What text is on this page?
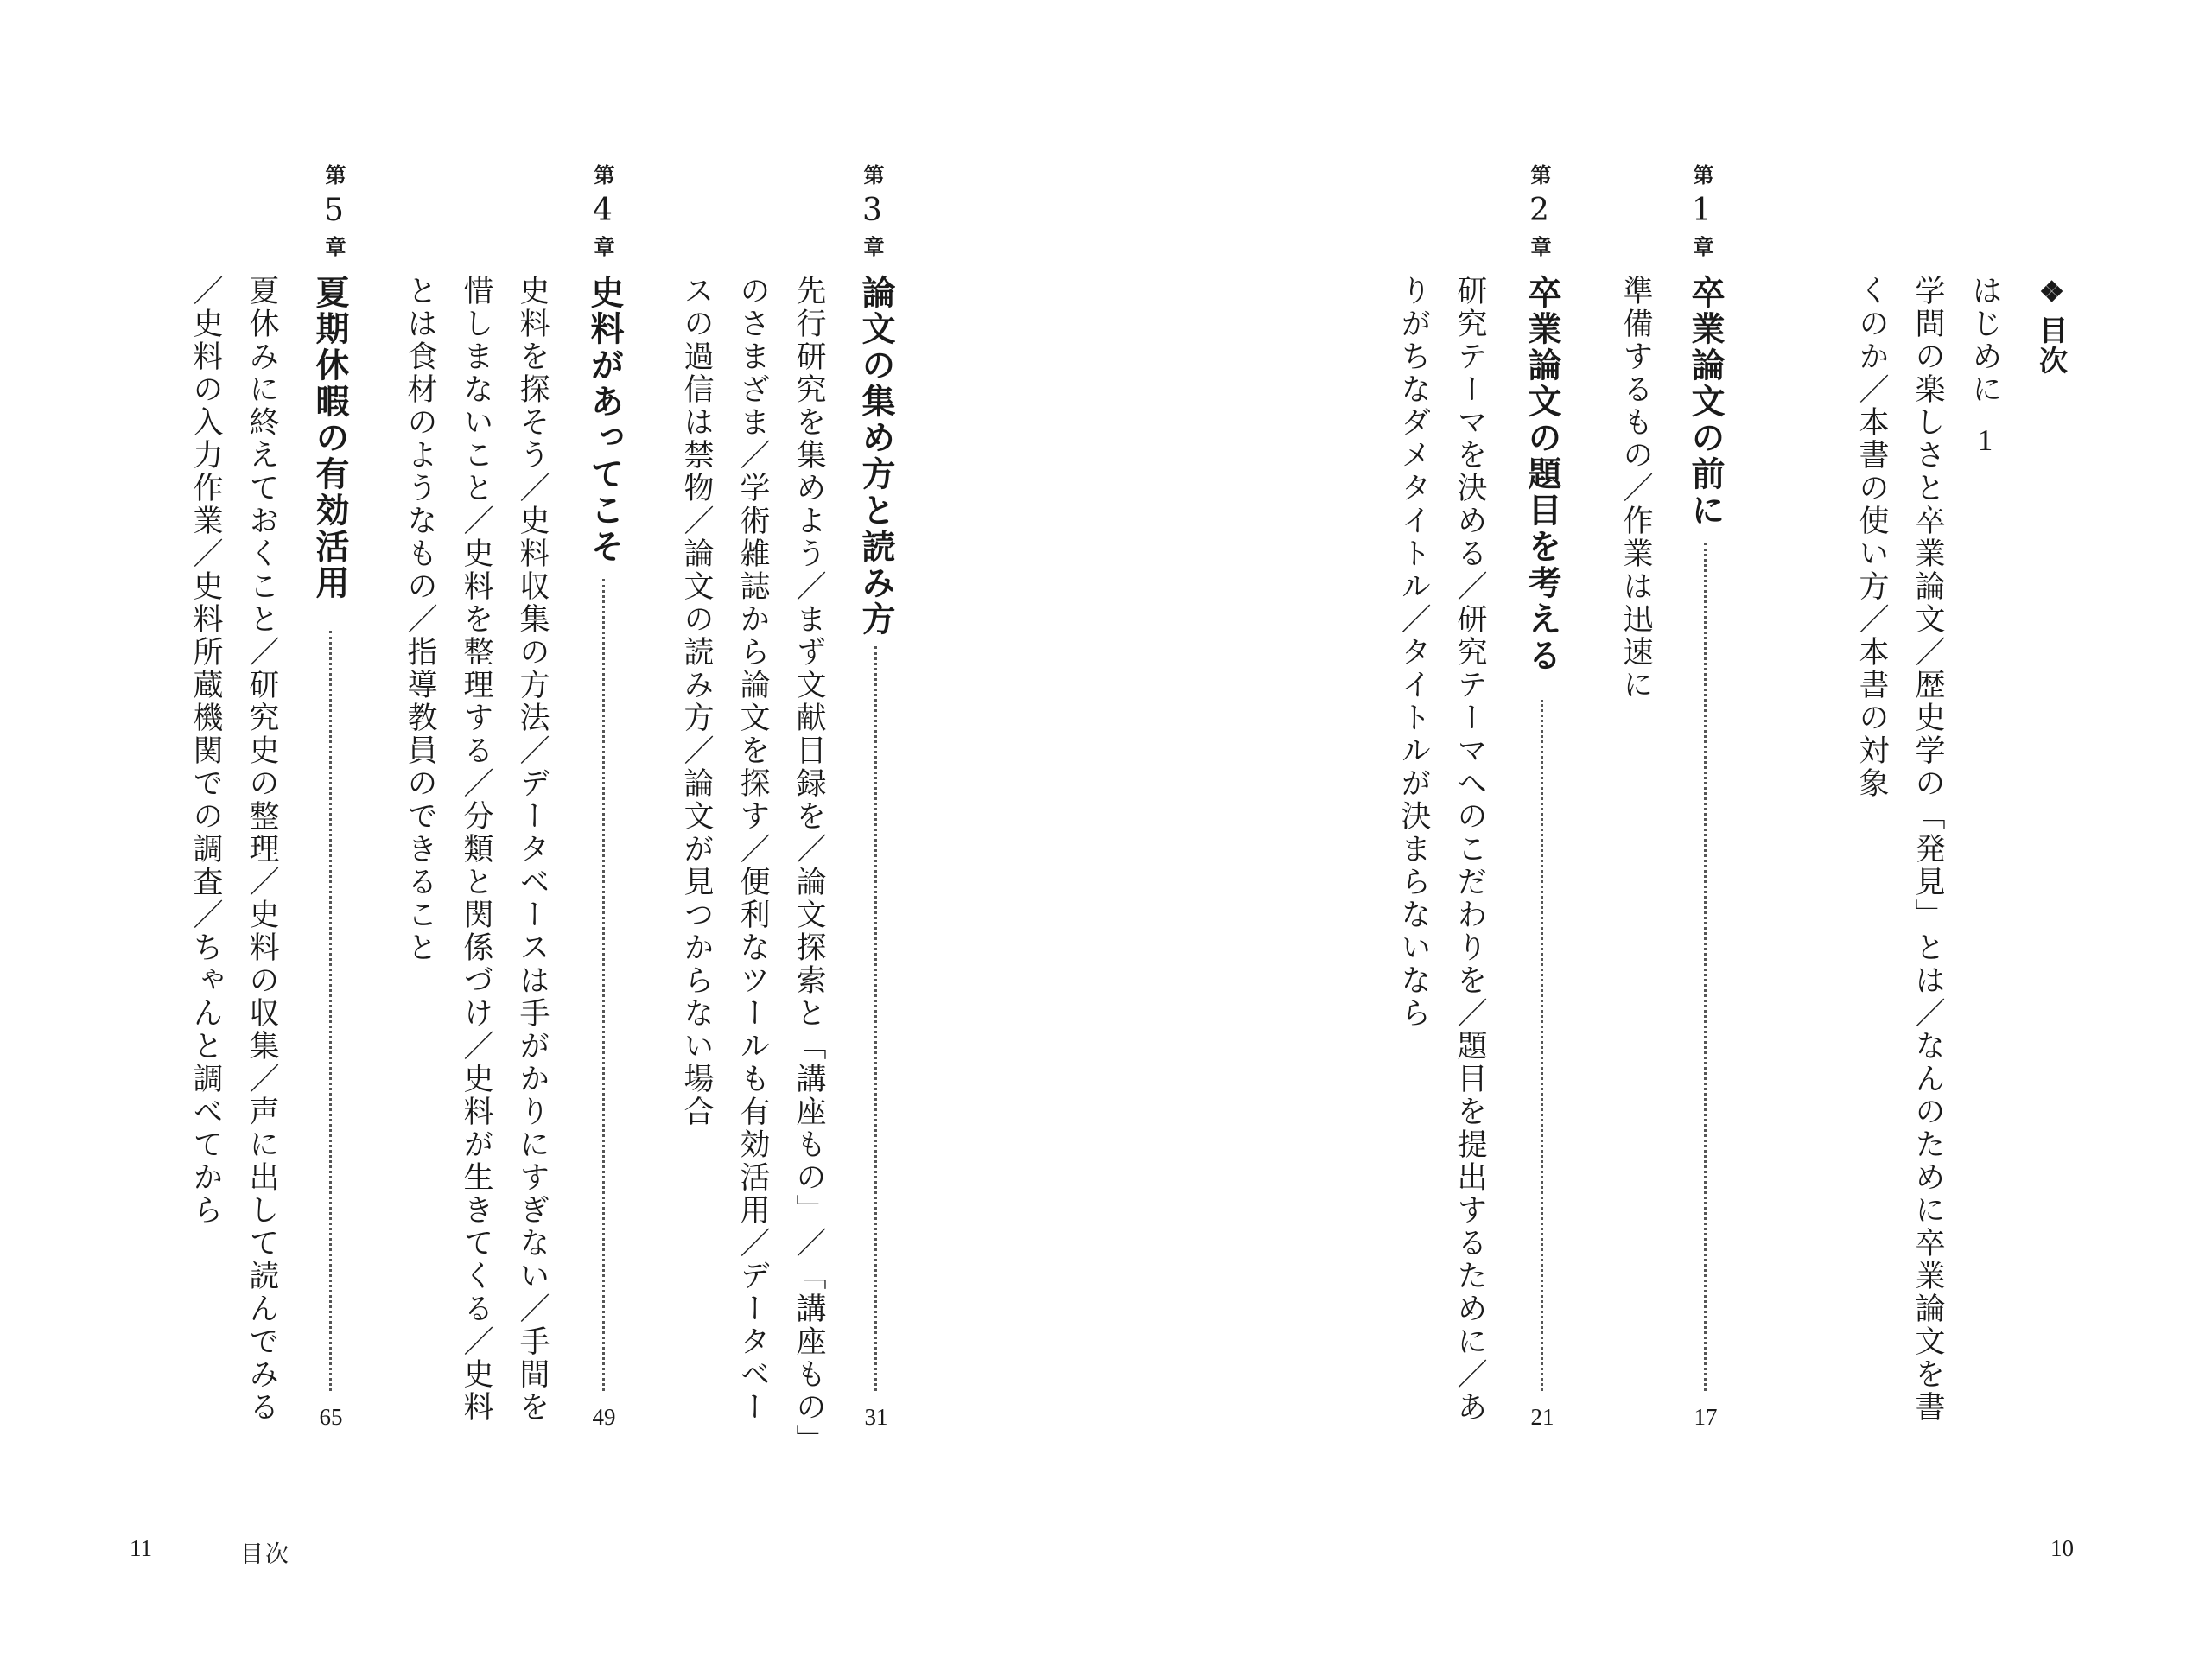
第3章
論文の集め方と読み方
31
先行研究を集めよう／まず文献目録を／論文探索と「講座もの」／「講座もの」
のさまざま／学術雑誌から論文を探す／便利なツールも有効活用／データベー
スの過信は禁物／論文の読み方／論文が見つからない場合
第4章
史料があってこそ
49
史料を探そう／史料収集の方法／データベースは手がかりにすぎない／手間を
惜しまないこと／史料を整理する／分類と関係づけ／史料が生きてくる／史料
とは食材のようなもの／指導教員のできること
第5章
夏期休暇の有効活用
65
夏休みに終えておくこと／研究史の整理／史料の収集／声に出して読んでみる
／史料の入力作業／史料所蔵機関での調査／ちゃんと調べてから
11	目次
❖目次
はじめに1
学問の楽しさと卒業論文／歴史学の「発見」とは／なんのために卒業論文を書
くのか／本書の使い方／本書の対象
第1章
卒業論文の前に
17
準備するもの／作業は迅速に
第2章
卒業論文の題目を考える
21
研究テーマを決める／研究テーマへのこだわりを／題目を提出するために／あ
りがちなダメタイトル／タイトルが決まらないなら
10
